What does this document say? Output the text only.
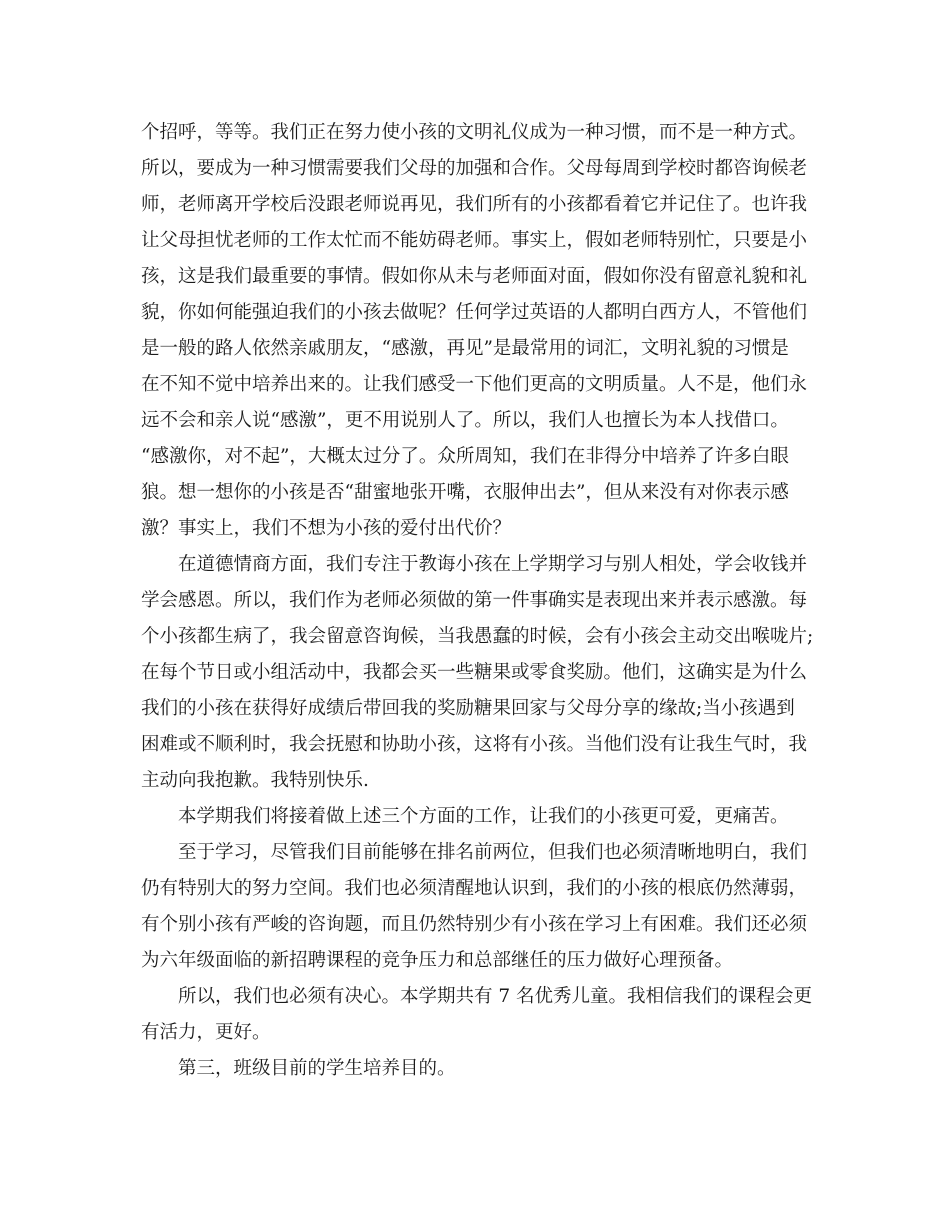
个招呼，等等。我们正在努力使小孩的文明礼仪成为一种习惯，而不是一种方式。
所以，要成为一种习惯需要我们父母的加强和合作。父母每周到学校时都咨询候老
师，老师离开学校后没跟老师说再见，我们所有的小孩都看着它并记住了。也许我
让父母担忧老师的工作太忙而不能妨碍老师。事实上，假如老师特别忙，只要是小
孩，这是我们最重要的事情。假如你从未与老师面对面，假如你没有留意礼貌和礼
貌，你如何能强迫我们的小孩去做呢？任何学过英语的人都明白西方人，不管他们
是一般的路人依然亲戚朋友，“感激，再见”是最常用的词汇，文明礼貌的习惯是
在不知不觉中培养出来的。让我们感受一下他们更高的文明质量。人不是，他们永
远不会和亲人说“感激”，更不用说别人了。所以，我们人也擅长为本人找借口。
“感激你，对不起”，大概太过分了。众所周知，我们在非得分中培养了许多白眼
狼。想一想你的小孩是否“甜蜜地张开嘴，衣服伸出去”，但从来没有对你表示感
激？事实上，我们不想为小孩的爱付出代价？
在道德情商方面，我们专注于教诲小孩在上学期学习与别人相处，学会收钱并
学会感恩。所以，我们作为老师必须做的第一件事确实是表现出来并表示感激。每
个小孩都生病了，我会留意咨询候，当我愚蠢的时候，会有小孩会主动交出喉咙片;
在每个节日或小组活动中，我都会买一些糖果或零食奖励。他们，这确实是为什么
我们的小孩在获得好成绩后带回我的奖励糖果回家与父母分享的缘故;当小孩遇到
困难或不顺利时，我会抚慰和协助小孩，这将有小孩。当他们没有让我生气时，我
主动向我抱歉。我特别快乐.
本学期我们将接着做上述三个方面的工作，让我们的小孩更可爱，更痛苦。
至于学习，尽管我们目前能够在排名前两位，但我们也必须清晰地明白，我们
仍有特别大的努力空间。我们也必须清醒地认识到，我们的小孩的根底仍然薄弱，
有个别小孩有严峻的咨询题，而且仍然特别少有小孩在学习上有困难。我们还必须
为六年级面临的新招聘课程的竞争压力和总部继任的压力做好心理预备。
所以，我们也必须有决心。本学期共有 7 名优秀儿童。我相信我们的课程会更
有活力，更好。
第三，班级目前的学生培养目的。
